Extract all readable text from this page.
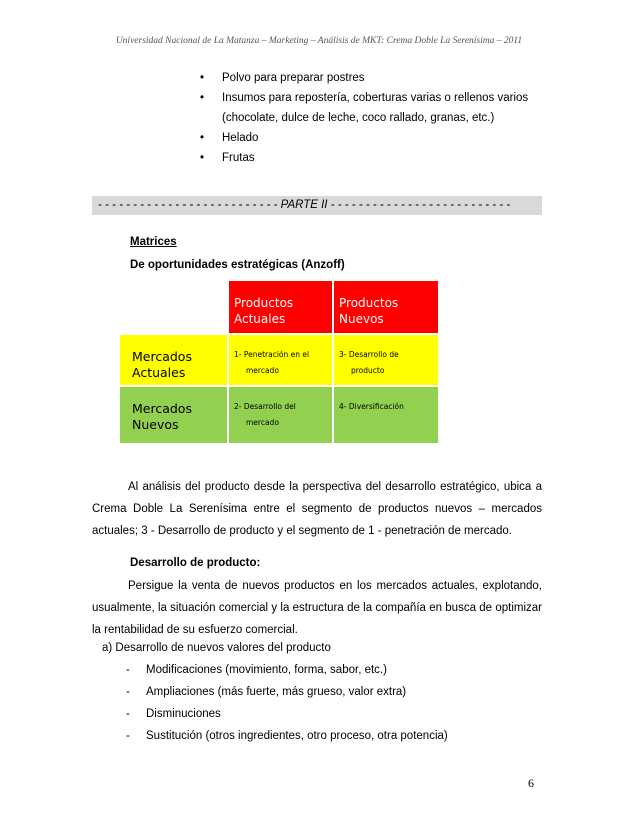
Universidad Nacional de La Matanza – Marketing – Análisis de MKT: Crema Doble La Serenísima – 2011
• Polvo para preparar postres
• Insumos para repostería, coberturas varias o rellenos varios
(chocolate, dulce de leche, coco rallado, granas, etc.)
• Helado
• Frutas
- - - - - - - - - - - - - - - - - - - - - - - - - - PARTE II - - - - - - - - - - - - - - - - - - - - - - - - - -
Matrices
De oportunidades estratégicas (Anzoff)
Productos
Actuales
Productos
Nuevos
Mercados
Actuales
1- Penetración en el
mercado
3- Desarrollo de
producto
Mercados
Nuevos
2- Desarrollo del
mercado
4- Diversificación

Al análisis del producto desde la perspectiva del desarrollo estratégico, ubica a Crema Doble La Serenísima entre el segmento de productos nuevos – mercados actuales; 3 - Desarrollo de producto y el segmento de 1 - penetración de mercado.

Desarrollo de producto:

Persigue la venta de nuevos productos en los mercados actuales, explotando, usualmente, la situación comercial y la estructura de la compañía en busca de optimizar la rentabilidad de su esfuerzo comercial.

a) Desarrollo de nuevos valores del producto
- Modificaciones (movimiento, forma, sabor, etc.)
- Ampliaciones (más fuerte, más grueso, valor extra)
- Disminuciones
- Sustitución (otros ingredientes, otro proceso, otra potencia)
6
